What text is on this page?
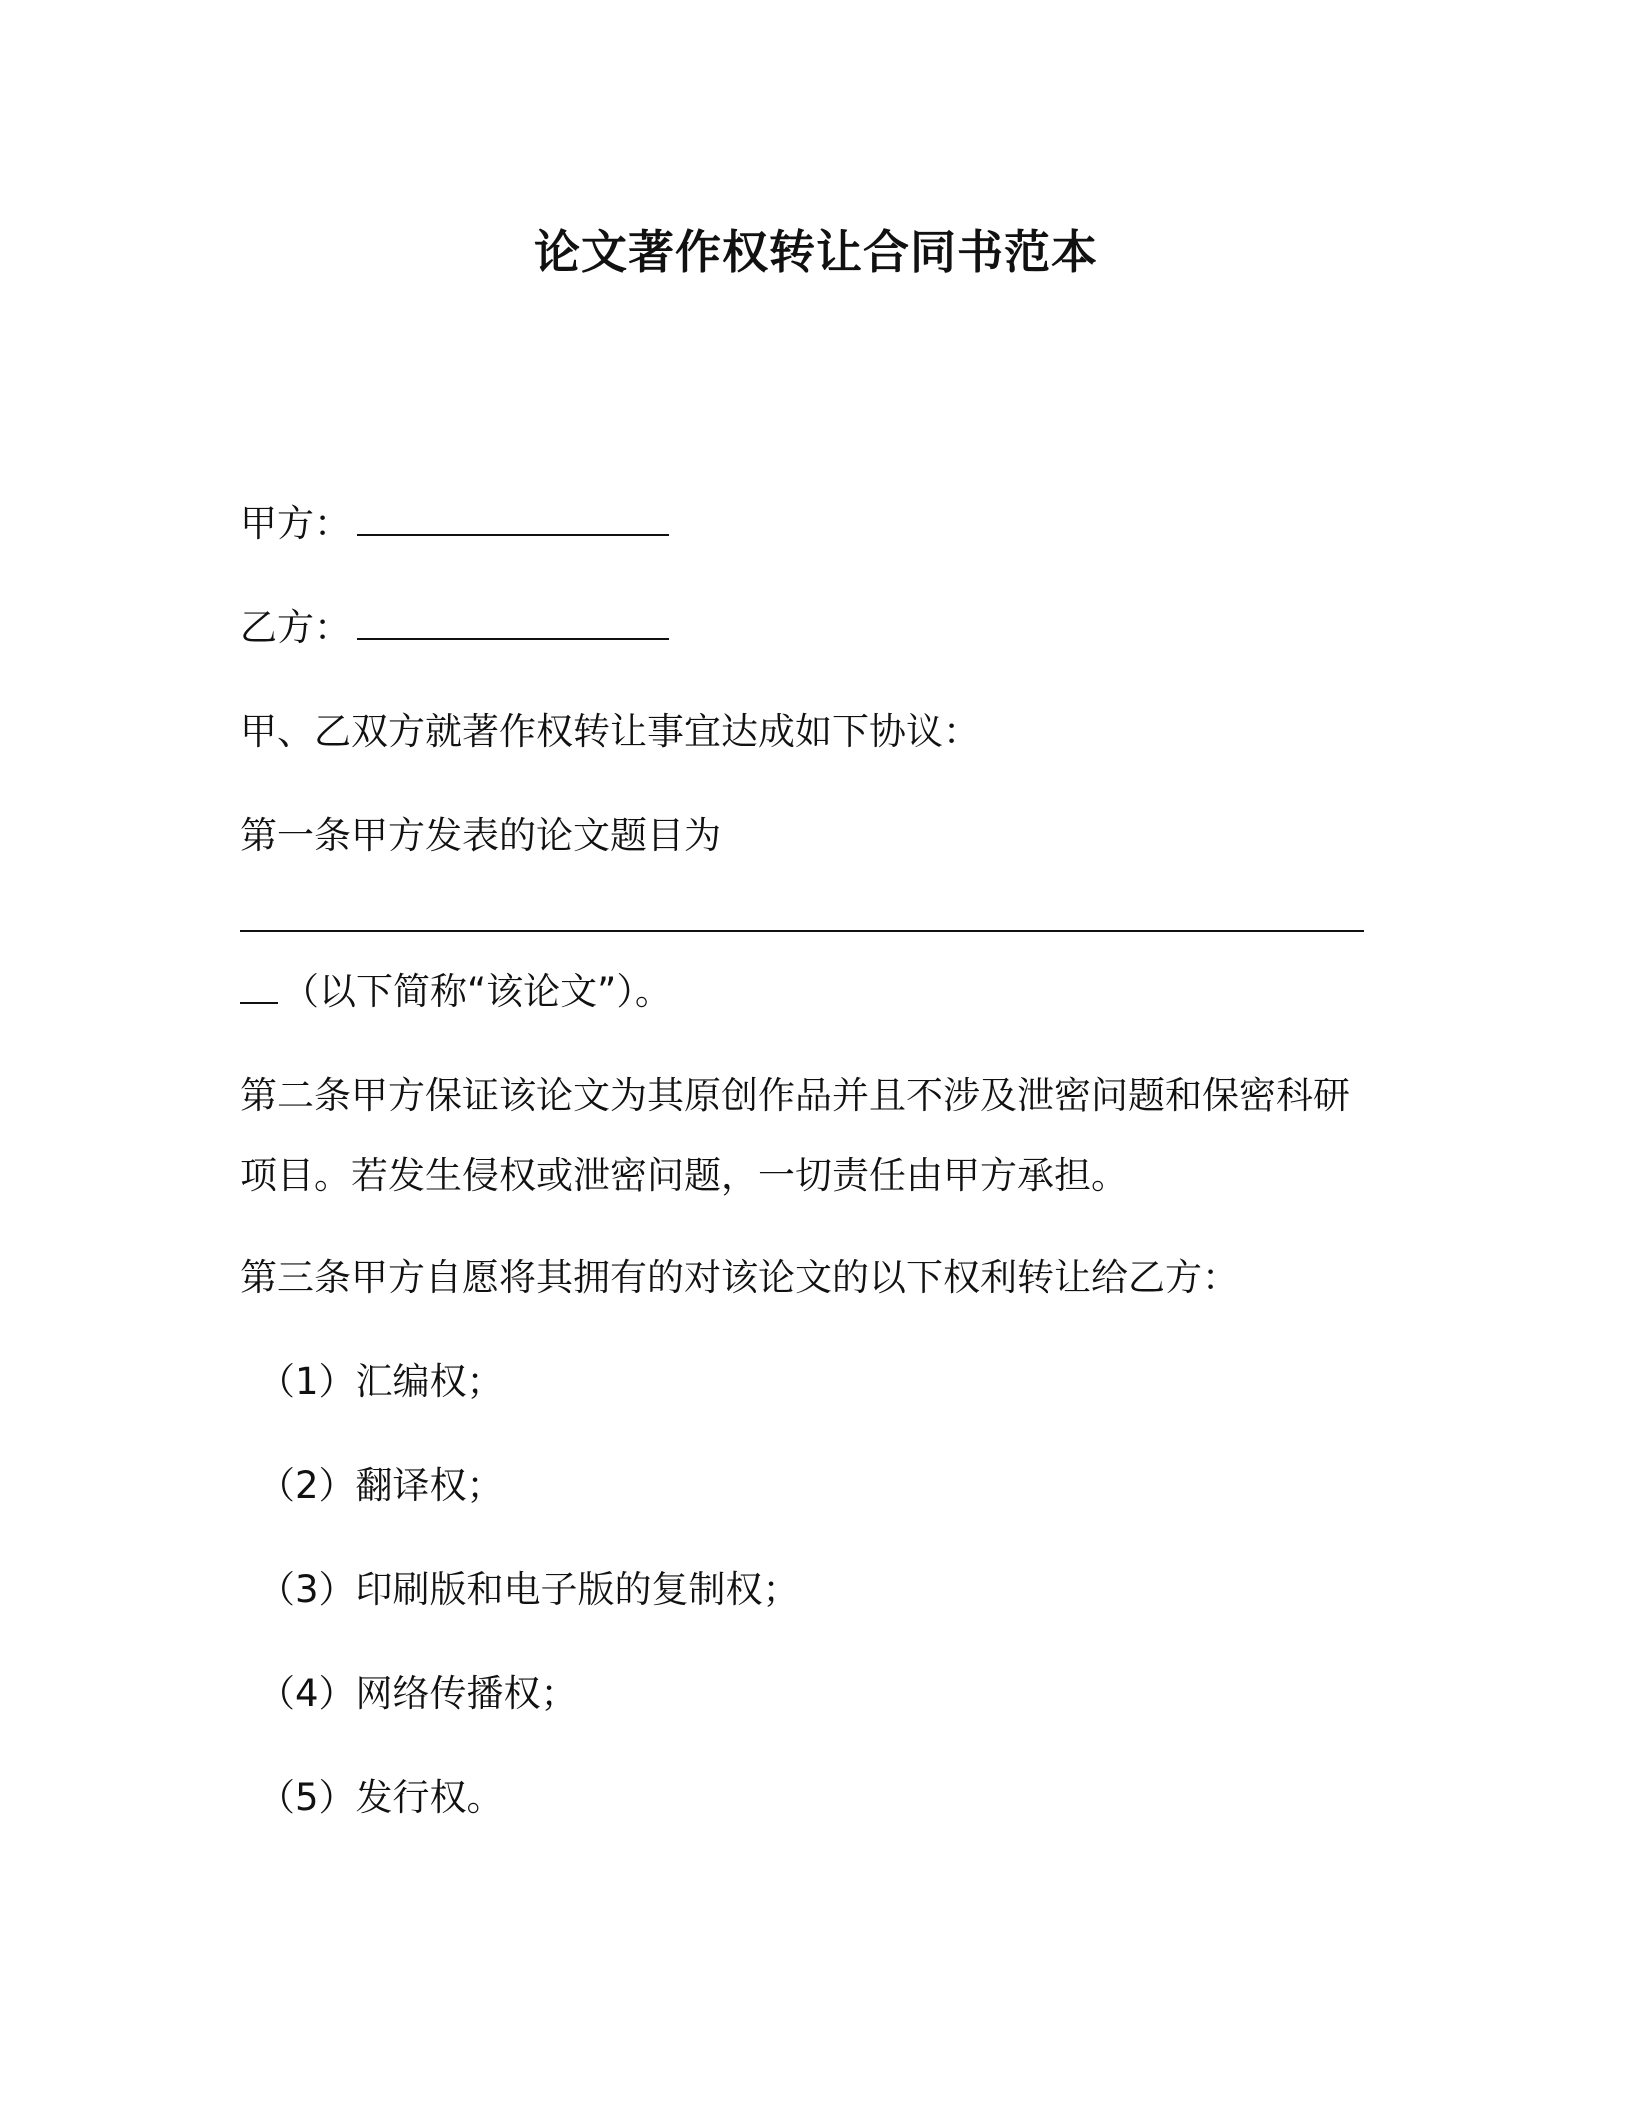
论文著作权转让合同书范本
甲方：
乙方：
甲、乙双方就著作权转让事宜达成如下协议：
第一条甲方发表的论文题目为
（以下简称“该论文”）。
第二条甲方保证该论文为其原创作品并且不涉及泄密问题和保密科研
项目。若发生侵权或泄密问题，一切责任由甲方承担。
第三条甲方自愿将其拥有的对该论文的以下权利转让给乙方：
（1）汇编权；
（2）翻译权；
（3）印刷版和电子版的复制权；
（4）网络传播权；
（5）发行权。
